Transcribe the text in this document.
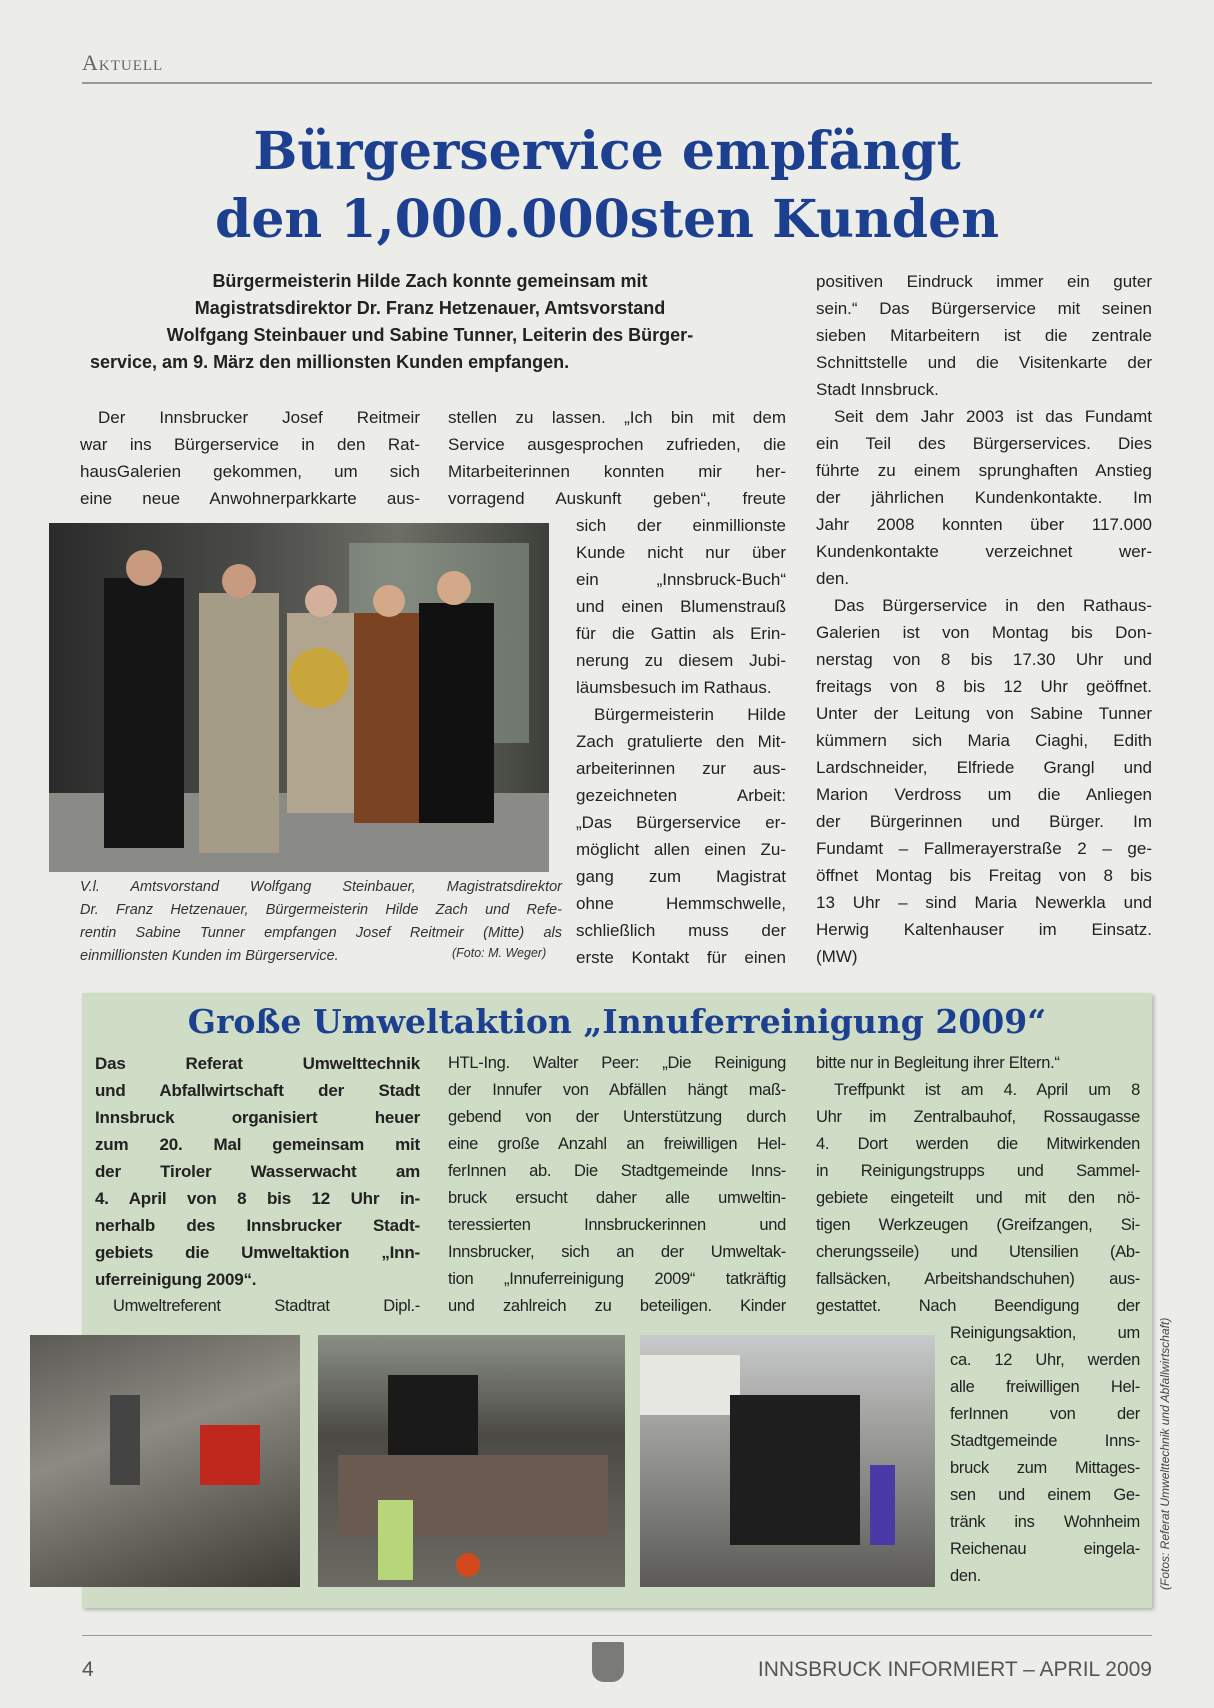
Aktuell
Bürgerservice empfängt
den 1,000.000sten Kunden
Bürgermeisterin Hilde Zach konnte gemeinsam mit
Magistratsdirektor Dr. Franz Hetzenauer, Amtsvorstand
Wolfgang Steinbauer und Sabine Tunner, Leiterin des Bürger-
service, am 9. März den millionsten Kunden empfangen.
Der Innsbrucker Josef Reitmeir
war ins Bürgerservice in den Rat-
hausGalerien gekommen, um sich
eine neue Anwohnerparkkarte aus-
stellen zu lassen. „Ich bin mit dem
Service ausgesprochen zufrieden, die
Mitarbeiterinnen konnten mir her-
vorragend Auskunft geben“, freute
sich der einmillionste
Kunde nicht nur über
ein „Innsbruck-Buch“
und einen Blumenstrauß
für die Gattin als Erin-
nerung zu diesem Jubi-
läumsbesuch im Rathaus.
Bürgermeisterin Hilde
Zach gratulierte den Mit-
arbeiterinnen zur aus-
gezeichneten Arbeit:
„Das Bürgerservice er-
möglicht allen einen Zu-
gang zum Magistrat
ohne Hemmschwelle,
schließlich muss der
erste Kontakt für einen
positiven Eindruck immer ein guter
sein.“ Das Bürgerservice mit seinen
sieben Mitarbeitern ist die zentrale
Schnittstelle und die Visitenkarte der
Stadt Innsbruck.
Seit dem Jahr 2003 ist das Fundamt
ein Teil des Bürgerservices. Dies
führte zu einem sprunghaften Anstieg
der jährlichen Kundenkontakte. Im
Jahr 2008 konnten über 117.000
Kundenkontakte verzeichnet wer-
den.
Das Bürgerservice in den Rathaus-
Galerien ist von Montag bis Don-
nerstag von 8 bis 17.30 Uhr und
freitags von 8 bis 12 Uhr geöffnet.
Unter der Leitung von Sabine Tunner
kümmern sich Maria Ciaghi, Edith
Lardschneider, Elfriede Grangl und
Marion Verdross um die Anliegen
der Bürgerinnen und Bürger. Im
Fundamt – Fallmerayerstraße 2 – ge-
öffnet Montag bis Freitag von 8 bis
13 Uhr – sind Maria Newerkla und
Herwig Kaltenhauser im Einsatz.
(MW)
V.l. Amtsvorstand Wolfgang Steinbauer, Magistratsdirektor
Dr. Franz Hetzenauer, Bürgermeisterin Hilde Zach und Refe-
rentin Sabine Tunner empfangen Josef Reitmeir (Mitte) als
einmillionsten Kunden im Bürgerservice.	(Foto: M. Weger)
Große Umweltaktion „Innuferreinigung 2009“
Das Referat Umwelttechnik
und Abfallwirtschaft der Stadt
Innsbruck organisiert heuer
zum 20. Mal gemeinsam mit
der Tiroler Wasserwacht am
4. April von 8 bis 12 Uhr in-
nerhalb des Innsbrucker Stadt-
gebiets die Umweltaktion „Inn-
uferreinigung 2009“.
Umweltreferent Stadtrat Dipl.-
HTL-Ing. Walter Peer: „Die Reinigung
der Innufer von Abfällen hängt maß-
gebend von der Unterstützung durch
eine große Anzahl an freiwilligen Hel-
ferInnen ab. Die Stadtgemeinde Inns-
bruck ersucht daher alle umweltin-
teressierten Innsbruckerinnen und
Innsbrucker, sich an der Umweltak-
tion „Innuferreinigung 2009“ tatkräftig
und zahlreich zu beteiligen. Kinder
bitte nur in Begleitung ihrer Eltern.“
Treffpunkt ist am 4. April um 8
Uhr im Zentralbauhof, Rossaugasse
4. Dort werden die Mitwirkenden
in Reinigungstrupps und Sammel-
gebiete eingeteilt und mit den nö-
tigen Werkzeugen (Greifzangen, Si-
cherungsseile) und Utensilien (Ab-
fallsäcken, Arbeitshandschuhen) aus-
gestattet. Nach Beendigung der
Reinigungsaktion, um
ca. 12 Uhr, werden
alle freiwilligen Hel-
ferInnen von der
Stadtgemeinde Inns-
bruck zum Mittages-
sen und einem Ge-
tränk ins Wohnheim
Reichenau eingela-
den.	(Fotos: Referat Umwelttechnik und Abfallwirtschaft)
4	INNSBRUCK INFORMIERT – APRIL 2009
